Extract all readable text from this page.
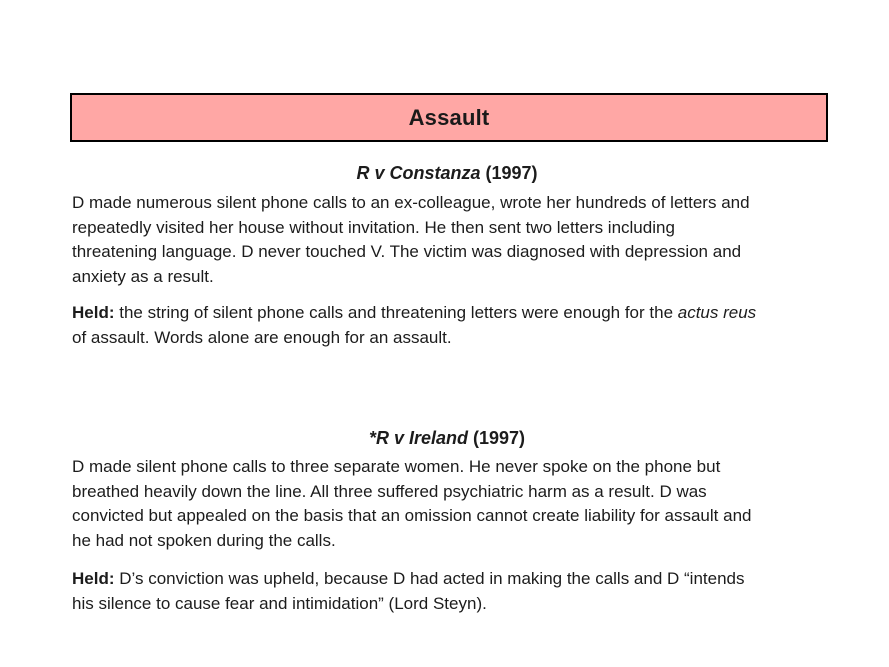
Assault
R v Constanza (1997)
D made numerous silent phone calls to an ex-colleague, wrote her hundreds of letters and
repeatedly visited her house without invitation. He then sent two letters including
threatening language. D never touched V. The victim was diagnosed with depression and
anxiety as a result.
Held: the string of silent phone calls and threatening letters were enough for the actus reus
of assault. Words alone are enough for an assault.
*R v Ireland (1997)
D made silent phone calls to three separate women. He never spoke on the phone but
breathed heavily down the line. All three suffered psychiatric harm as a result. D was
convicted but appealed on the basis that an omission cannot create liability for assault and
he had not spoken during the calls.
Held: D’s conviction was upheld, because D had acted in making the calls and D “intends
his silence to cause fear and intimidation” (Lord Steyn).
